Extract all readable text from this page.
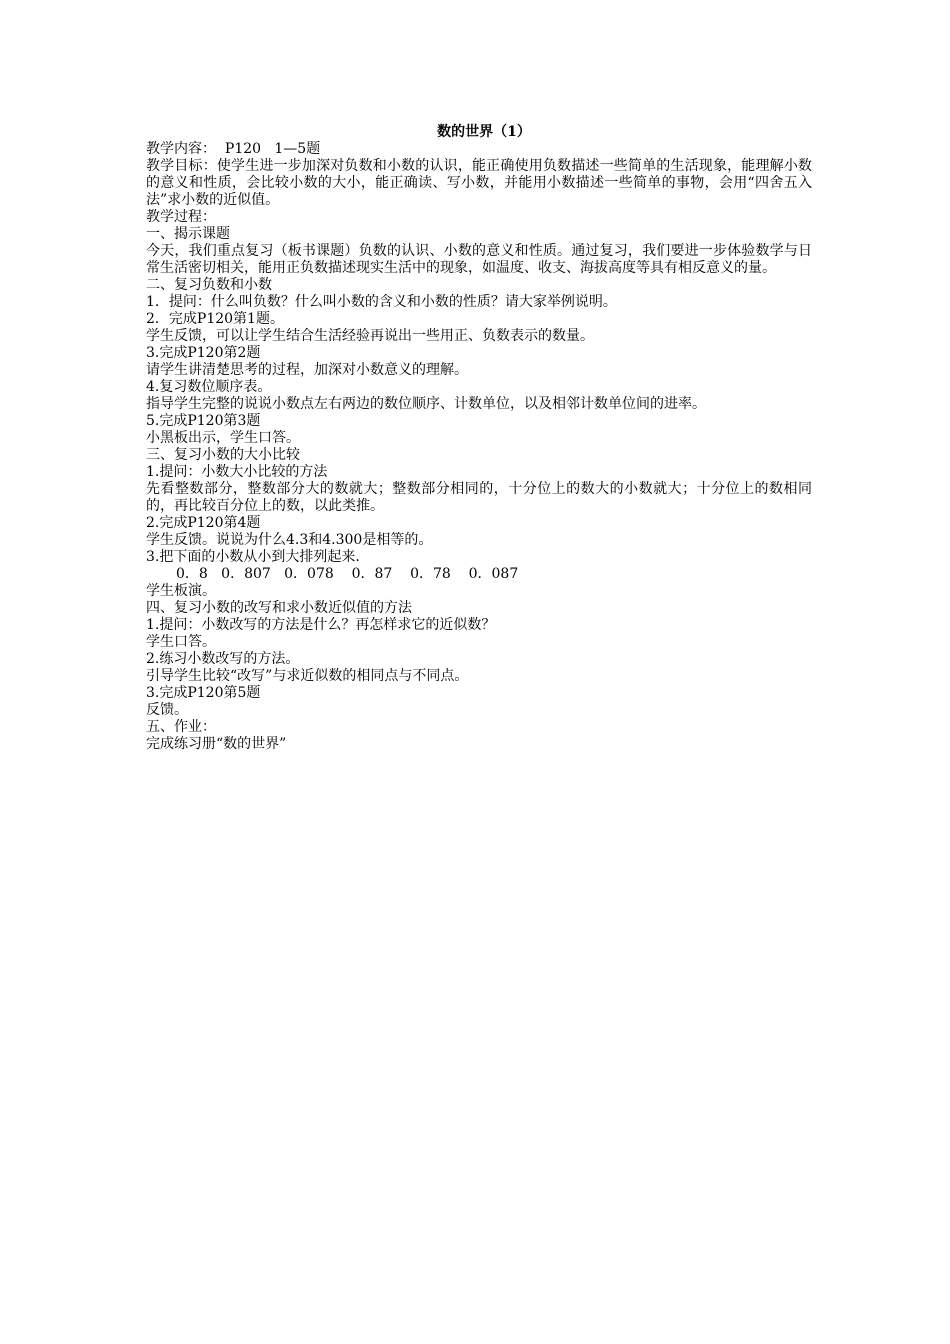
数的世界（1）

教学内容：  P120   1—5题

教学目标：使学生进一步加深对负数和小数的认识，能正确使用负数描述一些简单的生活现象，能理解小数的意义和性质，会比较小数的大小，能正确读、写小数，并能用小数描述一些简单的事物，会用“四舍五入法”求小数的近似值。

教学过程：

一、揭示课题

今天，我们重点复习（板书课题）负数的认识、小数的意义和性质。通过复习，我们要进一步体验数学与日常生活密切相关，能用正负数描述现实生活中的现象，如温度、收支、海拔高度等具有相反意义的量。

二、复习负数和小数

1．提问：什么叫负数？什么叫小数的含义和小数的性质？请大家举例说明。

2．完成P120第1题。

学生反馈，可以让学生结合生活经验再说出一些用正、负数表示的数量。

3.完成P120第2题

请学生讲清楚思考的过程，加深对小数意义的理解。

4.复习数位顺序表。

指导学生完整的说说小数点左右两边的数位顺序、计数单位，以及相邻计数单位间的进率。

5.完成P120第3题

小黑板出示，学生口答。

三、复习小数的大小比较

1.提问：小数大小比较的方法

先看整数部分，整数部分大的数就大；整数部分相同的，十分位上的数大的小数就大；十分位上的数相同的，再比较百分位上的数，以此类推。

2.完成P120第4题

学生反馈。说说为什么4.3和4.300是相等的。

3.把下面的小数从小到大排列起来.

0．8   0．807   0．078    0．87    0．78    0．087

学生板演。

四、复习小数的改写和求小数近似值的方法

1.提问：小数改写的方法是什么？再怎样求它的近似数？

学生口答。

2.练习小数改写的方法。

引导学生比较“改写”与求近似数的相同点与不同点。

3.完成P120第5题

反馈。

五、作业：

完成练习册“数的世界”
